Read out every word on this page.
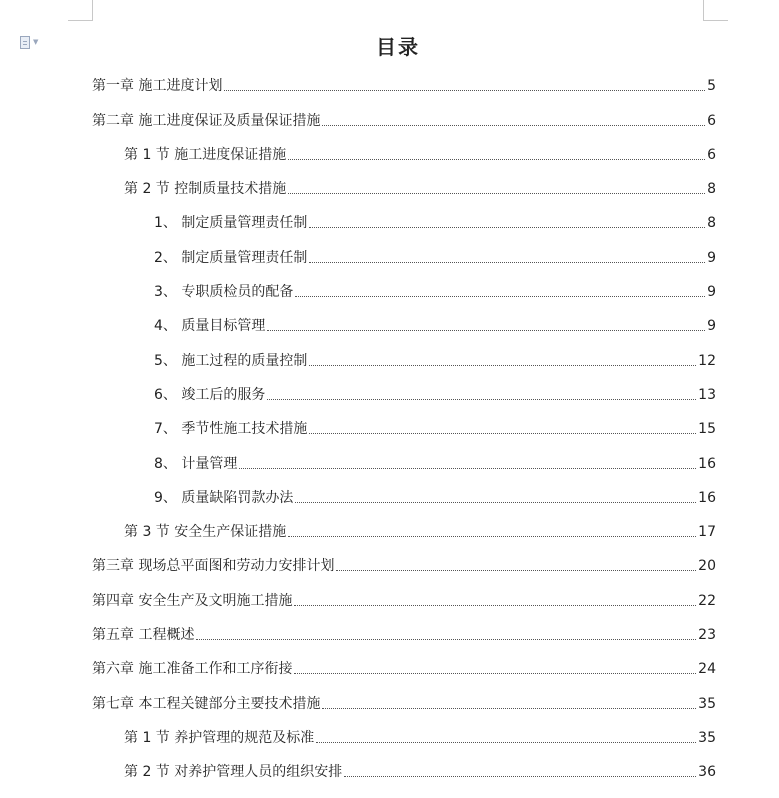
▼	目录
第一章 施工进度计划	5
第二章 施工进度保证及质量保证措施	6
第 1 节 施工进度保证措施	6
第 2 节 控制质量技术措施	8
1、 制定质量管理责任制	8
2、 制定质量管理责任制	9
3、 专职质检员的配备	9
4、 质量目标管理	9
5、 施工过程的质量控制	12
6、 竣工后的服务	13
7、 季节性施工技术措施	15
8、 计量管理	16
9、 质量缺陷罚款办法	16
第 3 节 安全生产保证措施	17
第三章 现场总平面图和劳动力安排计划	20
第四章 安全生产及文明施工措施	22
第五章 工程概述	23
第六章 施工准备工作和工序衔接	24
第七章 本工程关键部分主要技术措施	35
第 1 节 养护管理的规范及标准	35
第 2 节 对养护管理人员的组织安排	36
